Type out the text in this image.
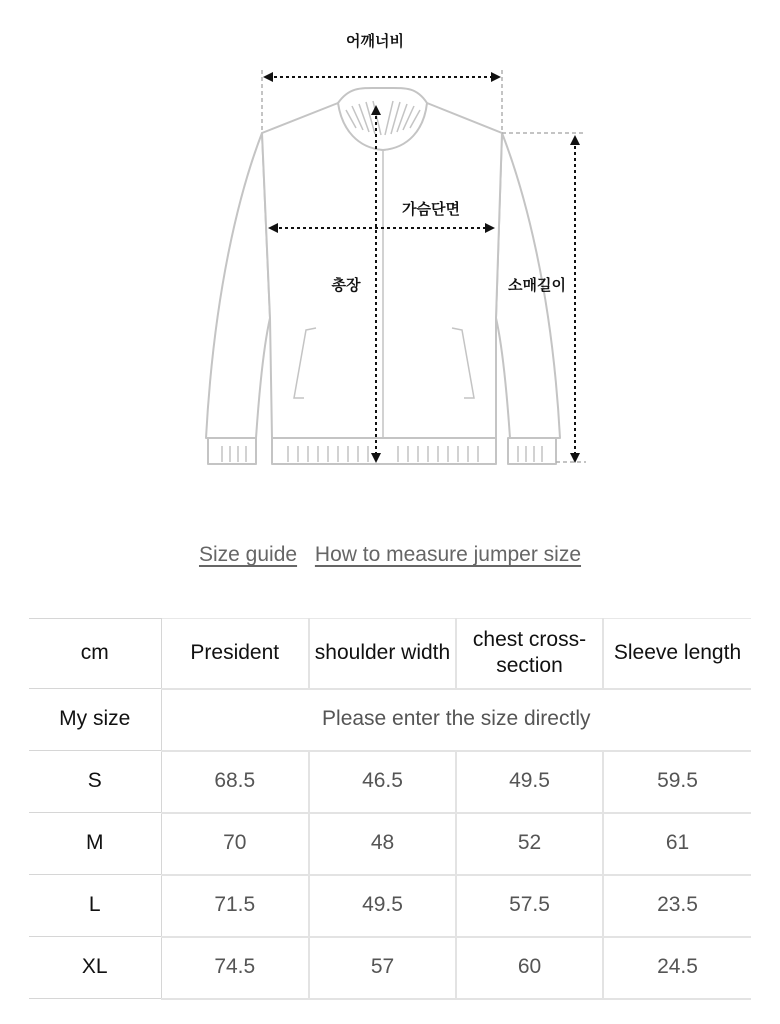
어깨너비
가슴단면
총장	소매길이
Size guide How to measure jumper size
cm	President	shoulder width	chest cross-section	Sleeve length
My size	Please enter the size directly			
S	68.5	46.5	49.5	59.5
M	70	48	52	61
L	71.5	49.5	57.5	23.5
XL	74.5	57	60	24.5
